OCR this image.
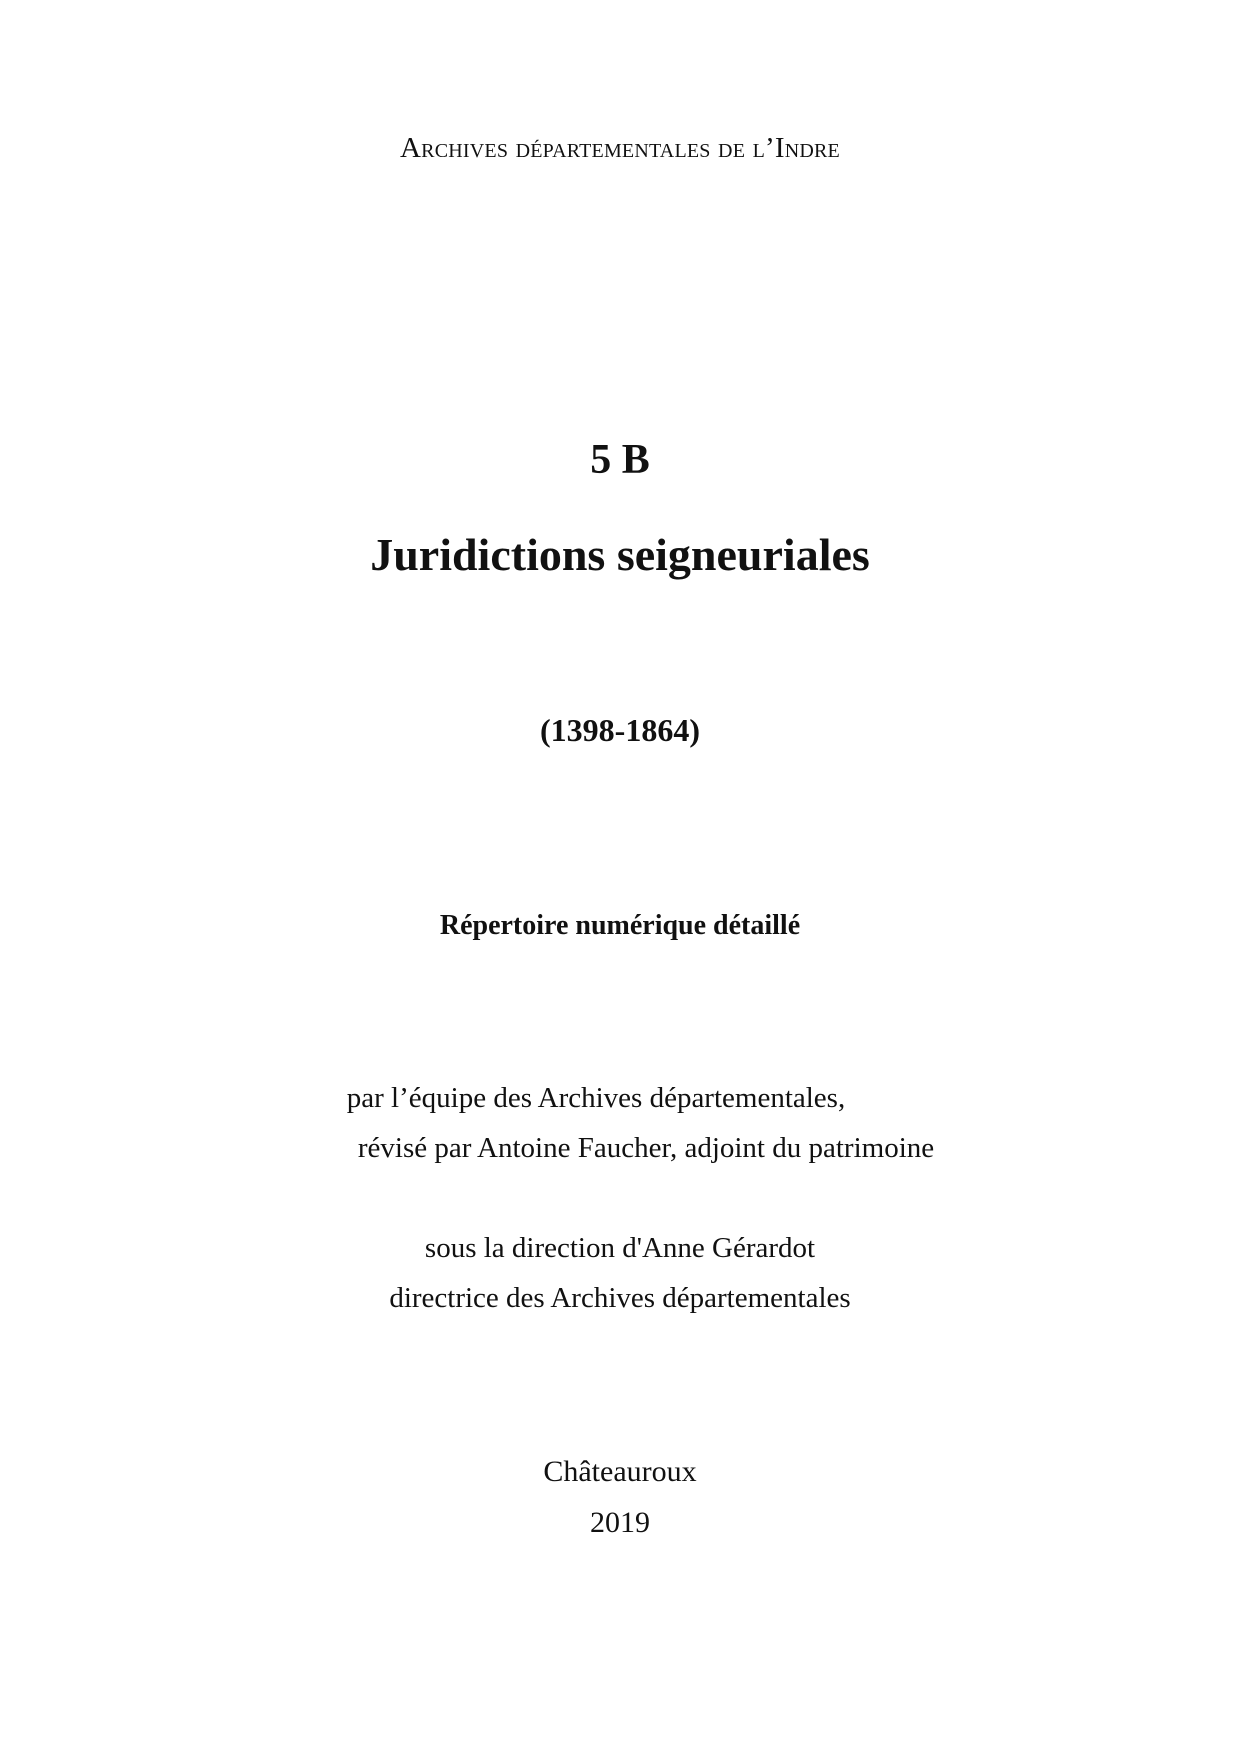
Archives départementales de l’Indre
5 B
Juridictions seigneuriales
(1398-1864)
Répertoire numérique détaillé
par l’équipe des Archives départementales,
révisé par Antoine Faucher, adjoint du patrimoine
sous la direction d'Anne Gérardot
directrice des Archives départementales
Châteauroux
2019
